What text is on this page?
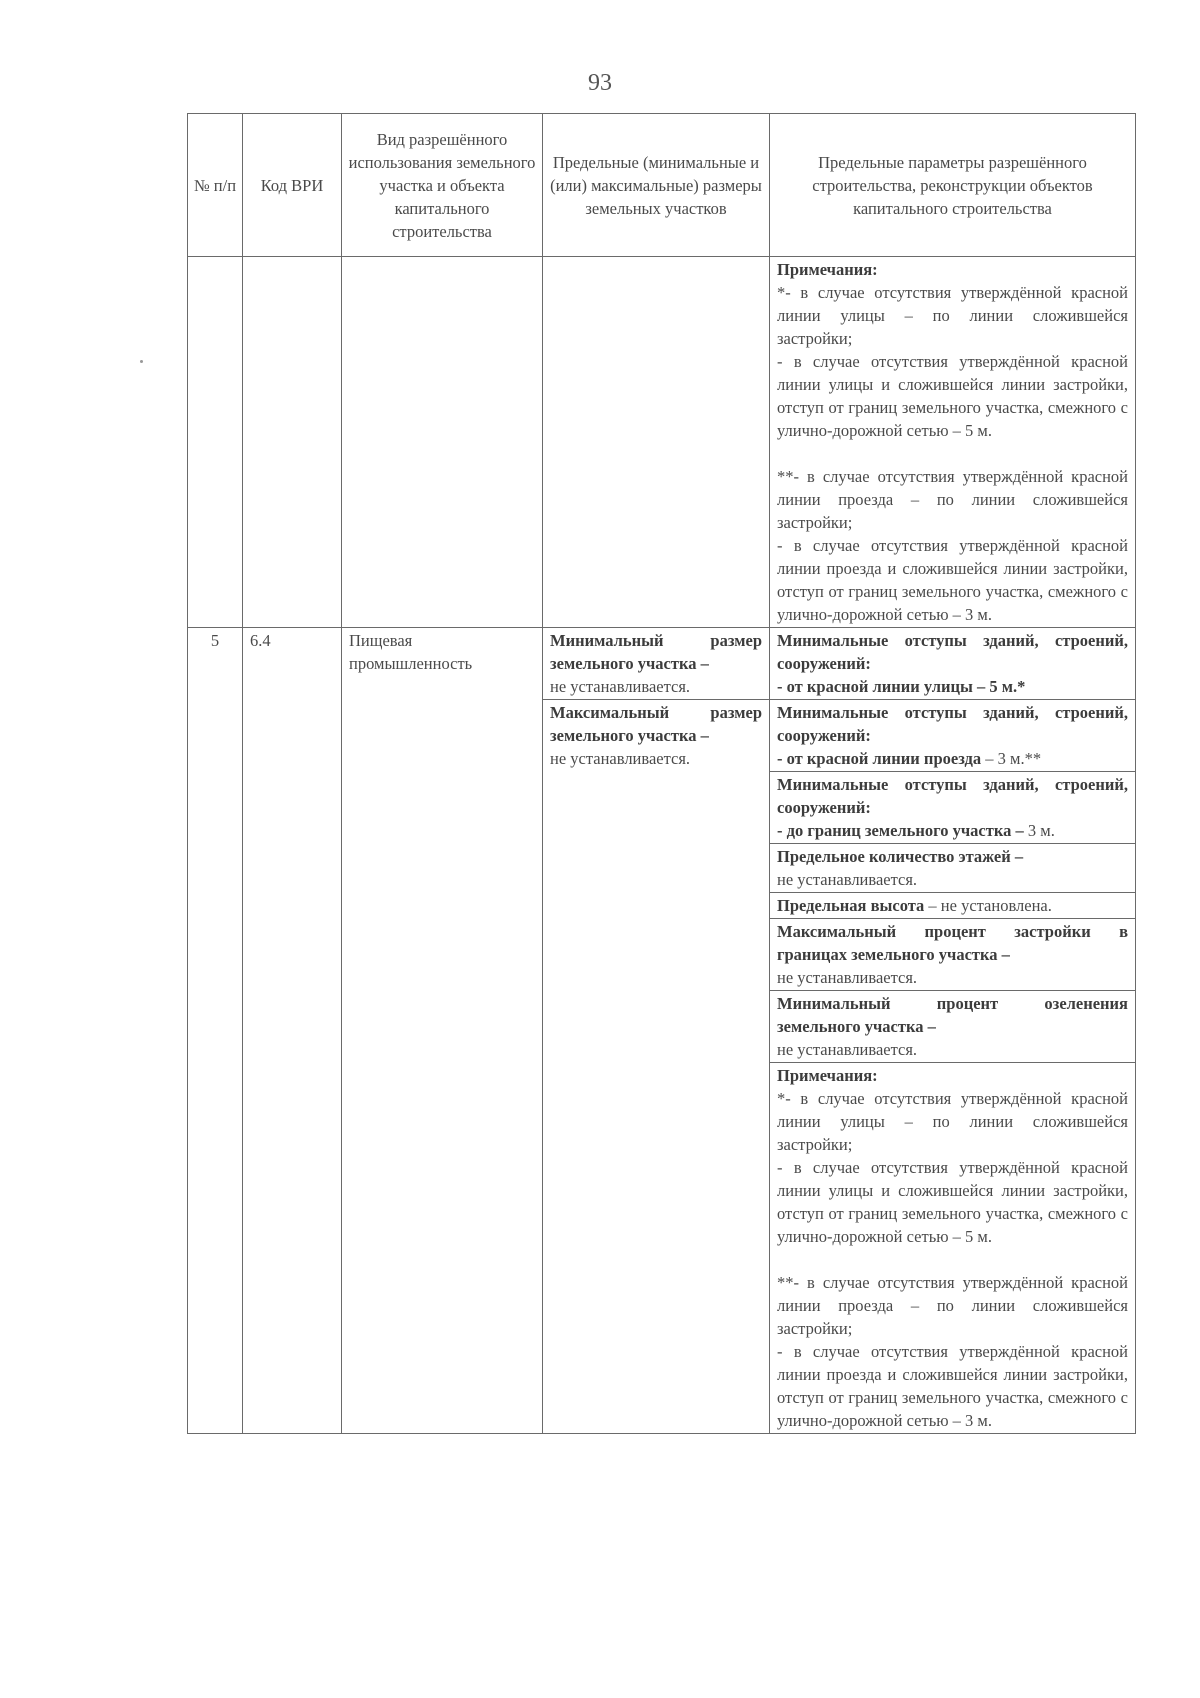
93
№ п/п	Код ВРИ	Вид разрешённого использования земельного участка и объекта капитального строительства	Предельные (минимальные и (или) максимальные) размеры земельных участков	Предельные параметры разрешённого строительства, реконструкции объектов капитального строительства

				Примечания:

*- в случае отсутствия утверждённой красной линии улицы – по линии сложившейся застройки;

- в случае отсутствия утверждённой красной линии улицы и сложившейся линии застройки, отступ от границ земельного участка, смежного с улично-дорожной сетью – 5 м.

**- в случае отсутствия утверждённой красной линии проезда – по линии сложившейся застройки;

- в случае отсутствия утверждённой красной линии проезда и сложившейся линии застройки, отступ от границ земельного участка, смежного с улично-дорожной сетью – 3 м.

5	6.4	Пищевая промышленность	Минимальный размер земельного участка –
не устанавливается.	Минимальные отступы зданий, строений, сооружений:
- от красной линии улицы – 5 м.*
			Максимальный размер земельного участка –
не устанавливается.	Минимальные отступы зданий, строений, сооружений:
- от красной линии проезда – 3 м.**
				Минимальные отступы зданий, строений, сооружений:
- до границ земельного участка – 3 м.
				Предельное количество этажей –
не устанавливается.
				Предельная высота – не установлена.
				Максимальный процент застройки в границах земельного участка –
не устанавливается.
				Минимальный процент озеленения земельного участка –
не устанавливается.

				Примечания:

*- в случае отсутствия утверждённой красной линии улицы – по линии сложившейся застройки;

- в случае отсутствия утверждённой красной линии улицы и сложившейся линии застройки, отступ от границ земельного участка, смежного с улично-дорожной сетью – 5 м.

**- в случае отсутствия утверждённой красной линии проезда – по линии сложившейся застройки;

- в случае отсутствия утверждённой красной линии проезда и сложившейся линии застройки, отступ от границ земельного участка, смежного с улично-дорожной сетью – 3 м.
